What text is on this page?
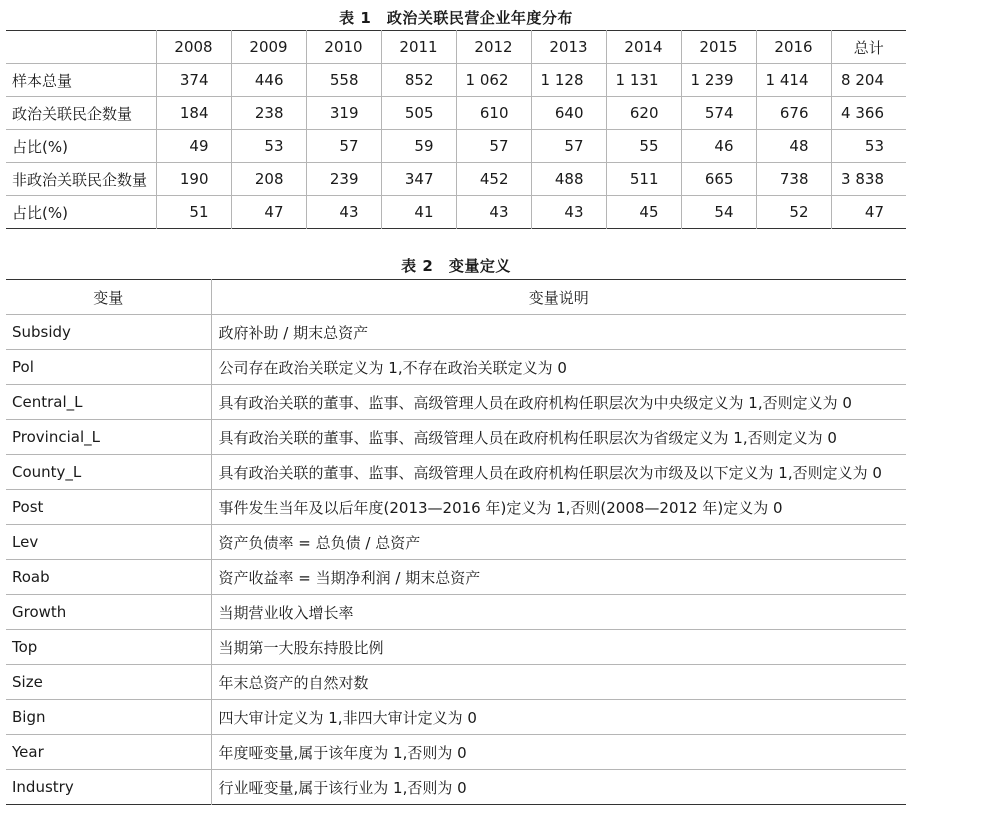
表 1　政治关联民营企业年度分布
	2008	2009	2010	2011	2012	2013	2014	2015	2016	总计
样本总量	374	446	558	852	1 062	1 128	1 131	1 239	1 414	8 204
政治关联民企数量	184	238	319	505	610	640	620	574	676	4 366
占比(%)	49	53	57	59	57	57	55	46	48	53
非政治关联民企数量	190	208	239	347	452	488	511	665	738	3 838
占比(%)	51	47	43	41	43	43	45	54	52	47
表 2　变量定义
变量	变量说明
Subsidy	政府补助 / 期末总资产
Pol	公司存在政治关联定义为 1,不存在政治关联定义为 0
Central_L	具有政治关联的董事、监事、高级管理人员在政府机构任职层次为中央级定义为 1,否则定义为 0
Provincial_L	具有政治关联的董事、监事、高级管理人员在政府机构任职层次为省级定义为 1,否则定义为 0
County_L	具有政治关联的董事、监事、高级管理人员在政府机构任职层次为市级及以下定义为 1,否则定义为 0
Post	事件发生当年及以后年度(2013—2016 年)定义为 1,否则(2008—2012 年)定义为 0
Lev	资产负债率 = 总负债 / 总资产
Roab	资产收益率 = 当期净利润 / 期末总资产
Growth	当期营业收入增长率
Top	当期第一大股东持股比例
Size	年末总资产的自然对数
Bign	四大审计定义为 1,非四大审计定义为 0
Year	年度哑变量,属于该年度为 1,否则为 0
Industry	行业哑变量,属于该行业为 1,否则为 0
